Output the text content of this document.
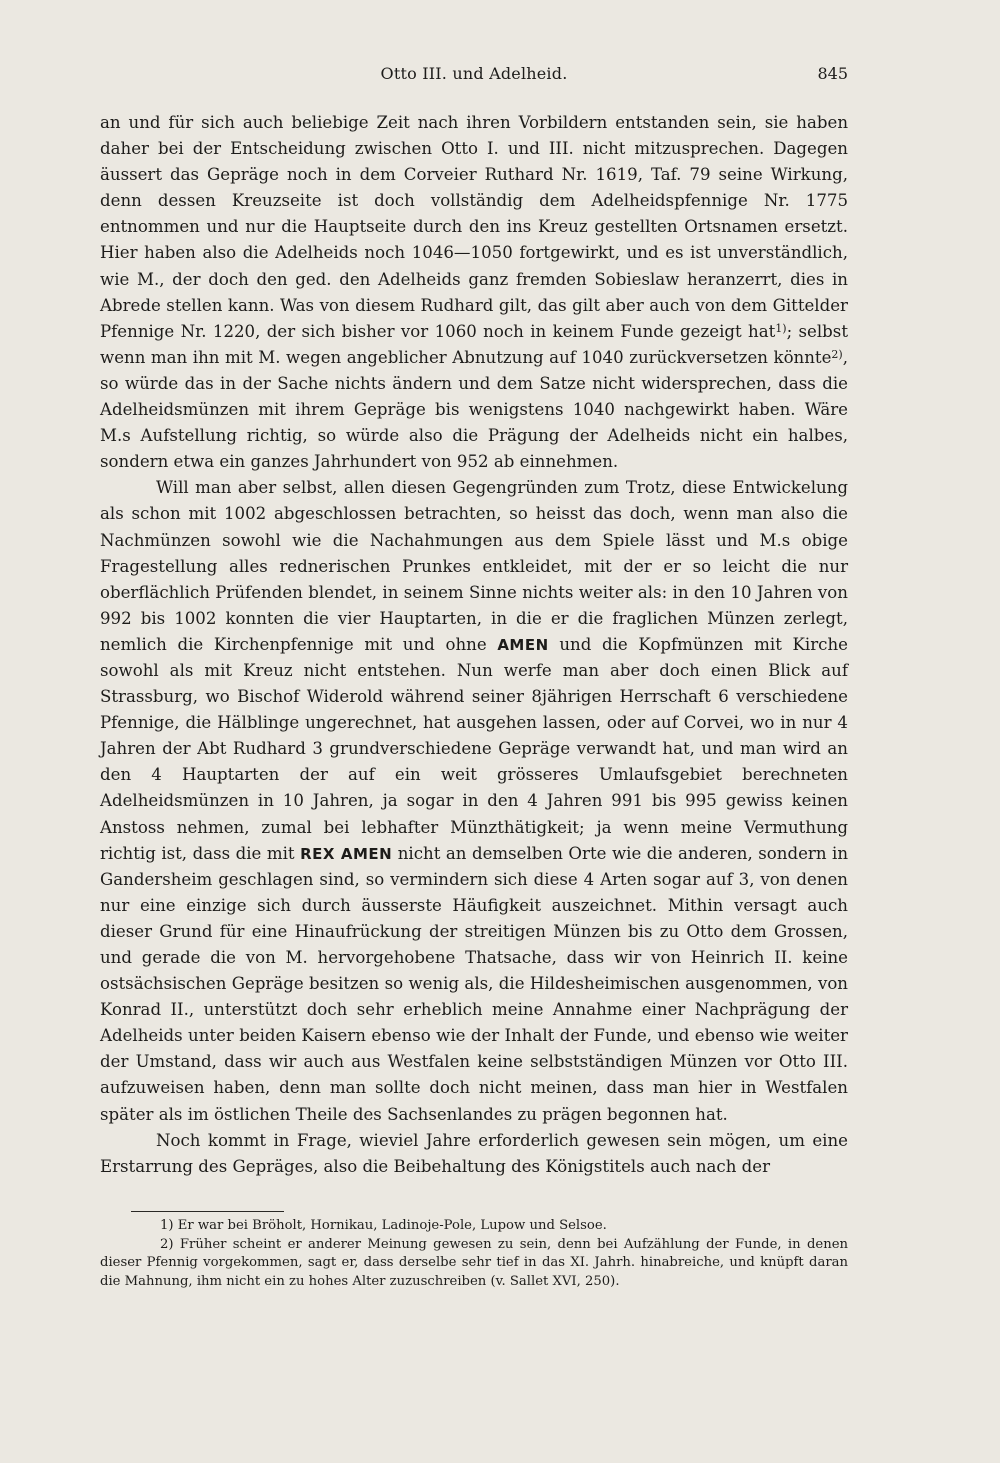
Otto III. und Adelheid.	845

an und für sich auch beliebige Zeit nach ihren Vorbildern entstanden sein, sie haben daher bei der Entscheidung zwischen Otto I. und III. nicht mitzusprechen. Dagegen äussert das Gepräge noch in dem Corveier Ruthard Nr. 1619, Taf. 79 seine Wirkung, denn dessen Kreuzseite ist doch vollständig dem Adelheidspfennige Nr. 1775 entnommen und nur die Hauptseite durch den ins Kreuz gestellten Ortsnamen ersetzt. Hier haben also die Adelheids noch 1046—1050 fortgewirkt, und es ist unverständlich, wie M., der doch den ged. den Adelheids ganz fremden Sobieslaw heranzerrt, dies in Abrede stellen kann. Was von diesem Rudhard gilt, das gilt aber auch von dem Gittelder Pfennige Nr. 1220, der sich bisher vor 1060 noch in keinem Funde gezeigt hat$^{1)}$; selbst wenn man ihn mit M. wegen angeblicher Abnutzung auf 1040 zurückversetzen könnte$^{2)}$, so würde das in der Sache nichts ändern und dem Satze nicht widersprechen, dass die Adelheidsmünzen mit ihrem Gepräge bis wenigstens 1040 nachgewirkt haben. Wäre M.s Aufstellung richtig, so würde also die Prägung der Adelheids nicht ein halbes, sondern etwa ein ganzes Jahrhundert von 952 ab einnehmen.

Will man aber selbst, allen diesen Gegengründen zum Trotz, diese Entwickelung als schon mit 1002 abgeschlossen betrachten, so heisst das doch, wenn man also die Nachmünzen sowohl wie die Nachahmungen aus dem Spiele lässt und M.s obige Fragestellung alles rednerischen Prunkes entkleidet, mit der er so leicht die nur oberflächlich Prüfenden blendet, in seinem Sinne nichts weiter als: in den 10 Jahren von 992 bis 1002 konnten die vier Hauptarten, in die er die fraglichen Münzen zerlegt, nemlich die Kirchenpfennige mit und ohne AMEN und die Kopfmünzen mit Kirche sowohl als mit Kreuz nicht entstehen. Nun werfe man aber doch einen Blick auf Strassburg, wo Bischof Widerold während seiner 8jährigen Herrschaft 6 verschiedene Pfennige, die Hälblinge ungerechnet, hat ausgehen lassen, oder auf Corvei, wo in nur 4 Jahren der Abt Rudhard 3 grundverschiedene Gepräge verwandt hat, und man wird an den 4 Hauptarten der auf ein weit grösseres Umlaufsgebiet berechneten Adelheidsmünzen in 10 Jahren, ja sogar in den 4 Jahren 991 bis 995 gewiss keinen Anstoss nehmen, zumal bei lebhafter Münzthätigkeit; ja wenn meine Vermuthung richtig ist, dass die mit REX AMEN nicht an demselben Orte wie die anderen, sondern in Gandersheim geschlagen sind, so vermindern sich diese 4 Arten sogar auf 3, von denen nur eine einzige sich durch äusserste Häufigkeit auszeichnet. Mithin versagt auch dieser Grund für eine Hinaufrückung der streitigen Münzen bis zu Otto dem Grossen, und gerade die von M. hervorgehobene Thatsache, dass wir von Heinrich II. keine ostsächsischen Gepräge besitzen so wenig als, die Hildesheimischen ausgenommen, von Konrad II., unterstützt doch sehr erheblich meine Annahme einer Nachprägung der Adelheids unter beiden Kaisern ebenso wie der Inhalt der Funde, und ebenso wie weiter der Umstand, dass wir auch aus Westfalen keine selbstständigen Münzen vor Otto III. aufzuweisen haben, denn man sollte doch nicht meinen, dass man hier in Westfalen später als im östlichen Theile des Sachsenlandes zu prägen begonnen hat.

Noch kommt in Frage, wieviel Jahre erforderlich gewesen sein mögen, um eine Erstarrung des Gepräges, also die Beibehaltung des Königstitels auch nach der

1) Er war bei Bröholt, Hornikau, Ladinoje-Pole, Lupow und Selsoe.

2) Früher scheint er anderer Meinung gewesen zu sein, denn bei Aufzählung der Funde, in denen dieser Pfennig vorgekommen, sagt er, dass derselbe sehr tief in das XI. Jahrh. hinabreiche, und knüpft daran die Mahnung, ihm nicht ein zu hohes Alter zuzuschreiben (v. Sallet XVI, 250).
